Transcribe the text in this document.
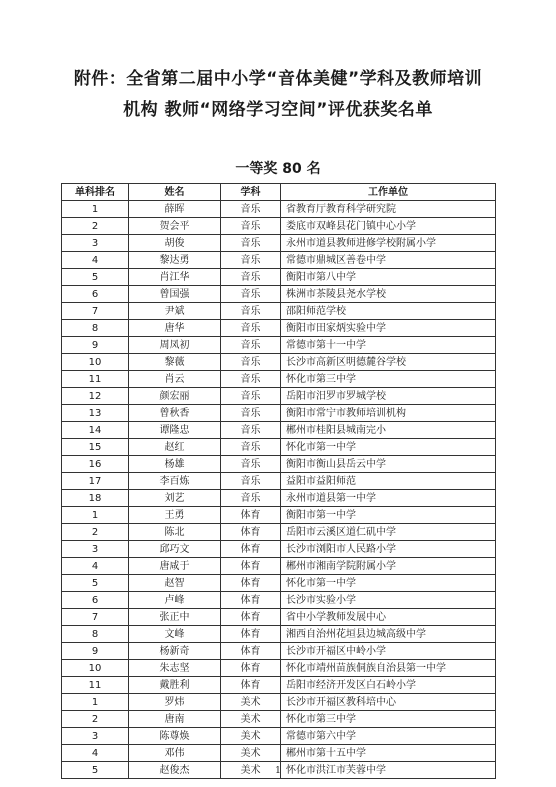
附件：全省第二届中小学“音体美健”学科及教师培训
机构 教师“网络学习空间”评优获奖名单
一等奖 80 名
单科排名	姓名	学科	工作单位
1	薛晖	音乐	省教育厅教育科学研究院
2	贺会平	音乐	娄底市双峰县花门镇中心小学
3	胡俊	音乐	永州市道县教师进修学校附属小学
4	黎达勇	音乐	常德市鼎城区善卷中学
5	肖江华	音乐	衡阳市第八中学
6	曾国强	音乐	株洲市茶陵县尧水学校
7	尹斌	音乐	邵阳师范学校
8	唐华	音乐	衡阳市田家炳实验中学
9	周凤初	音乐	常德市第十一中学
10	黎薇	音乐	长沙市高新区明德麓谷学校
11	肖云	音乐	怀化市第三中学
12	颜宏丽	音乐	岳阳市汨罗市罗城学校
13	曾秋香	音乐	衡阳市常宁市教师培训机构
14	谭隆忠	音乐	郴州市桂阳县城南完小
15	赵红	音乐	怀化市第一中学
16	杨雄	音乐	衡阳市衡山县岳云中学
17	李百炼	音乐	益阳市益阳师范
18	刘艺	音乐	永州市道县第一中学
1	王勇	体育	衡阳市第一中学
2	陈北	体育	岳阳市云溪区道仁矶中学
3	邱巧文	体育	长沙市浏阳市人民路小学
4	唐咸于	体育	郴州市湘南学院附属小学
5	赵智	体育	怀化市第一中学
6	卢峰	体育	长沙市实验小学
7	张正中	体育	省中小学教师发展中心
8	文峰	体育	湘西自治州花垣县边城高级中学
9	杨新奇	体育	长沙市开福区中岭小学
10	朱志坚	体育	怀化市靖州苗族侗族自治县第一中学
11	戴胜利	体育	岳阳市经济开发区白石岭小学
1	罗炜	美术	长沙市开福区教科培中心
2	唐南	美术	怀化市第三中学
3	陈尊焕	美术	常德市第六中学
4	邓伟	美术	郴州市第十五中学
5	赵俊杰	美术	怀化市洪江市芙蓉中学
1
